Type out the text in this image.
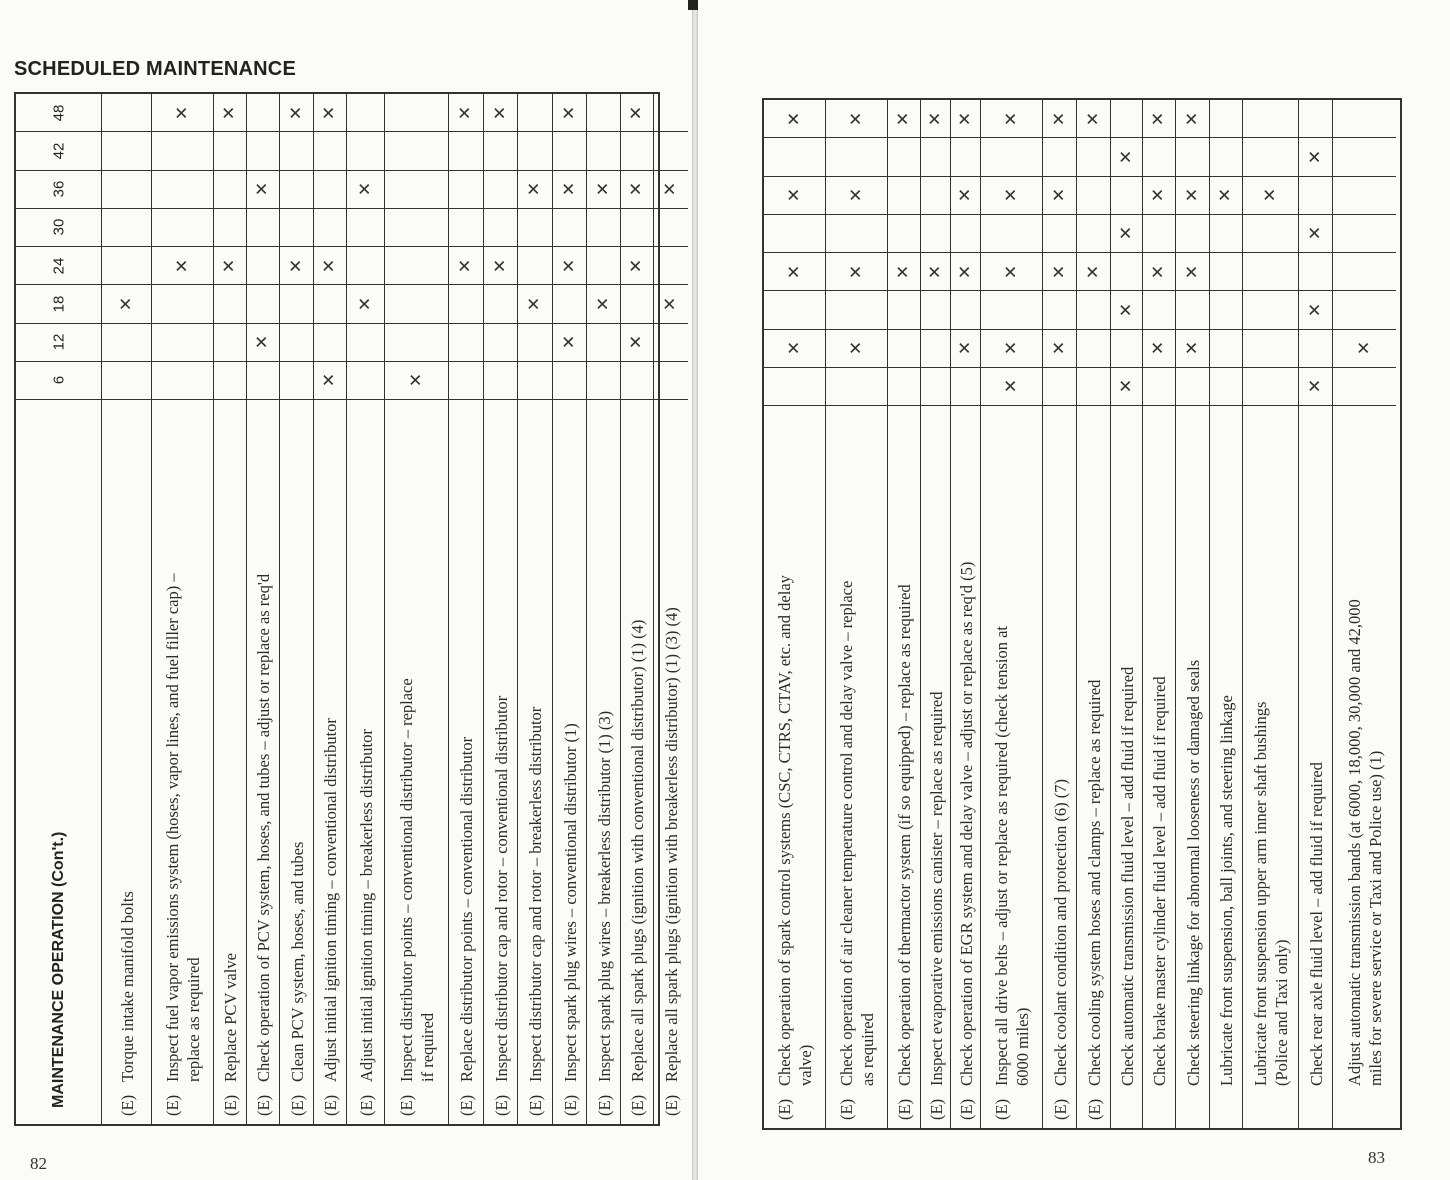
SCHEDULED MAINTENANCE
48
42
36
30
24
18
12
6
MAINTENANCE OPERATION (Con't.)
✕
(E)Torque intake manifold bolts
✕
✕
(E)Inspect fuel vapor emissions system (hoses, vapor lines, and fuel filler cap) – replace as required
✕
✕
(E)Replace PCV valve
✕
✕
(E)Check operation of PCV system, hoses, and tubes – adjust or replace as req'd
✕
✕
(E)Clean PCV system, hoses, and tubes
✕
✕
✕
(E)Adjust initial ignition timing – conventional distributor
✕
✕
(E)Adjust initial ignition timing – breakerless distributor
✕
(E)Inspect distributor points – conventional distributor – replace if required
✕
✕
(E)Replace distributor points – conventional distributor
✕
✕
(E)Inspect distributor cap and rotor – conventional distributor
✕
✕
(E)Inspect distributor cap and rotor – breakerless distributor
✕
✕
✕
✕
(E)Inspect spark plug wires – conventional distributor (1)
✕
✕
(E)Inspect spark plug wires – breakerless distributor (1) (3)
✕
✕
✕
✕
(E)Replace all spark plugs (ignition with conventional distributor) (1) (4)
✕
✕
(E)Replace all spark plugs (ignition with breakerless distributor) (1) (3) (4)
82
✕
✕
✕
✕
(E)Check operation of spark control systems (CSC, CTRS, CTAV, etc. and delay valve)
✕
✕
✕
✕
(E)Check operation of air cleaner temperature control and delay valve – replace as required
✕
✕
(E)Check operation of thermactor system (if so equipped) – replace as required
✕
✕
(E)Inspect evaporative emissions canister – replace as required
✕
✕
✕
✕
(E)Check operation of EGR system and delay valve – adjust or replace as req'd (5)
✕
✕
✕
✕
✕
(E)Inspect all drive belts – adjust or replace as required (check tension at 6000 miles)
✕
✕
✕
✕
(E)Check coolant condition and protection (6) (7)
✕
✕
(E)Check cooling system hoses and clamps – replace as required
✕
✕
✕
✕
Check automatic transmission fluid level – add fluid if required
✕
✕
✕
✕
Check brake master cylinder fluid level – add fluid if required
✕
✕
✕
✕
Check steering linkage for abnormal looseness or damaged seals
✕
Lubricate front suspension, ball joints, and steering linkage
✕
Lubricate front suspension upper arm inner shaft bushings (Police and Taxi only)
✕
✕
✕
✕
Check rear axle fluid level – add fluid if required
✕
Adjust automatic transmission bands (at 6000, 18,000, 30,000 and 42,000 miles for severe service or Taxi and Police use) (1)
83
